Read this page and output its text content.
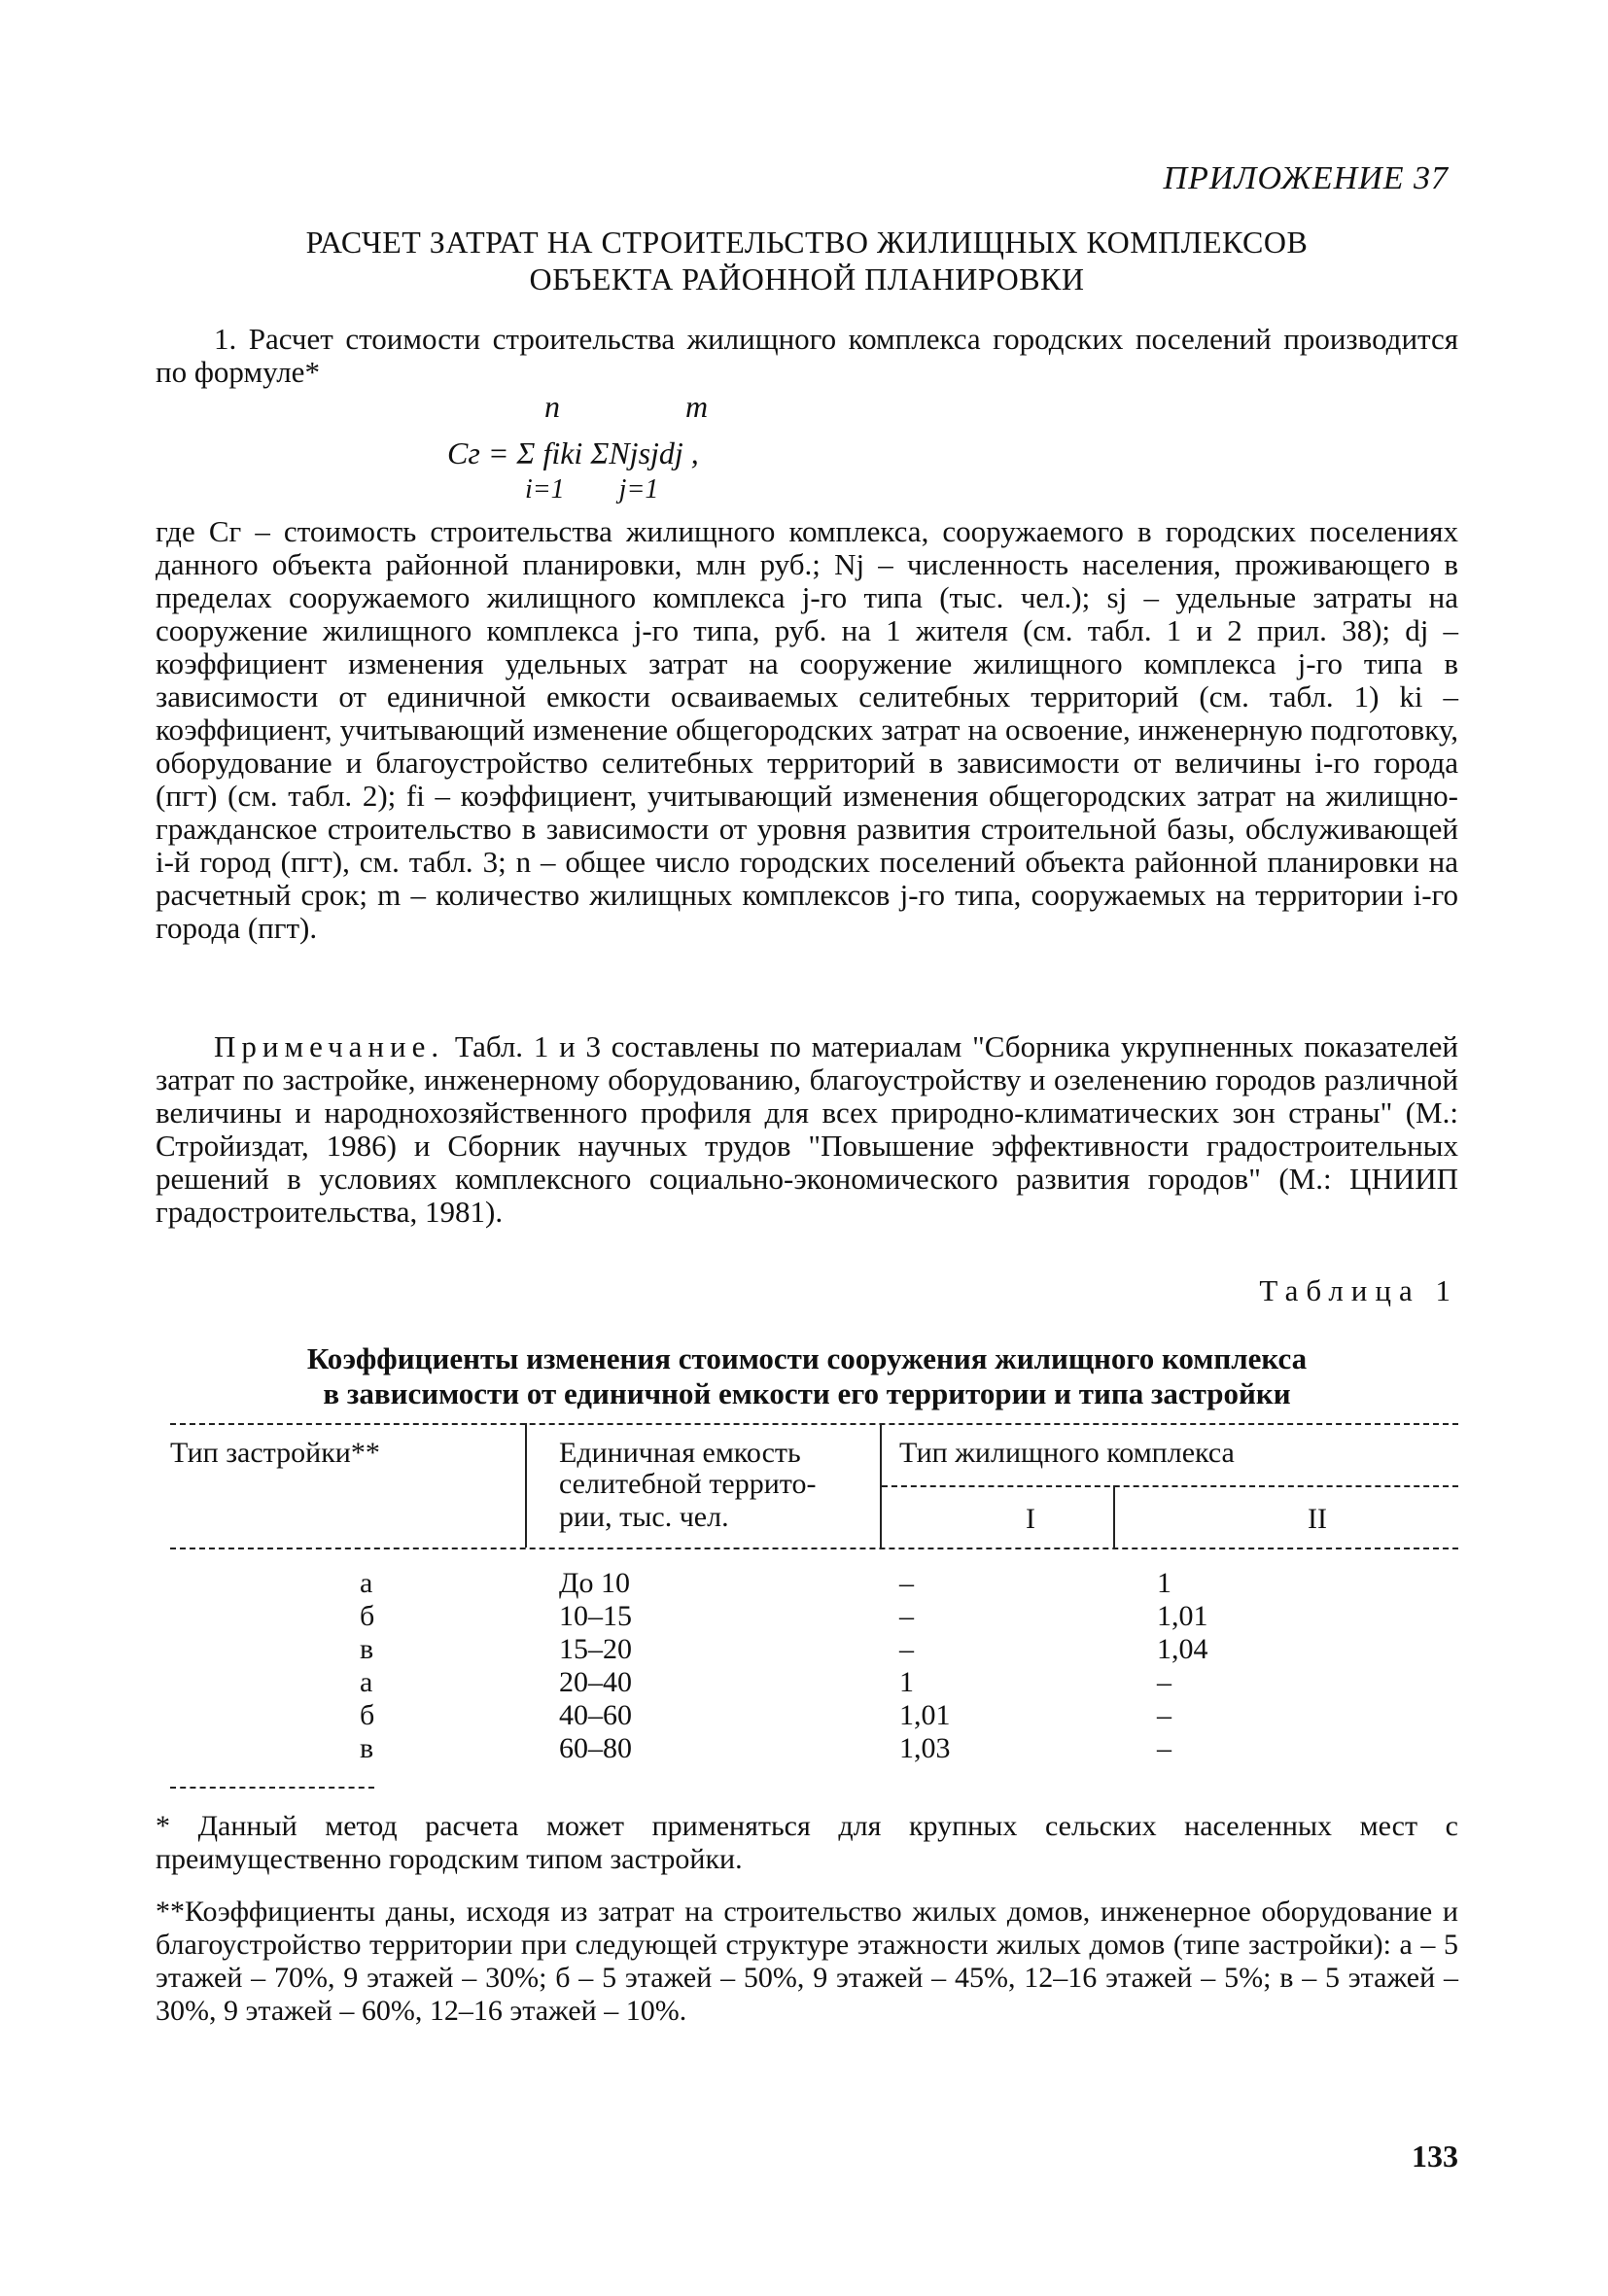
ПРИЛОЖЕНИЕ 37
РАСЧЕТ ЗАТРАТ НА СТРОИТЕЛЬСТВО ЖИЛИЩНЫХ КОМПЛЕКСОВ
ОБЪЕКТА РАЙОННОЙ ПЛАНИРОВКИ
1. Расчет стоимости строительства жилищного комплекса городских поселений производится по формуле*
n	m
Cг = Σ fiki ΣNjsjdj ,
i=1        j=1
где Cг – стоимость строительства жилищного комплекса, сооружаемого в городских поселениях данного объекта районной планировки, млн руб.; Nj – численность населения, проживающего в пределах сооружаемого жилищного комплекса j-го типа (тыс. чел.); sj – удельные затраты на сооружение жилищного комплекса j-го типа, руб. на 1 жителя (см. табл. 1 и 2 прил. 38); dj – коэффициент изменения удельных затрат на сооружение жилищного комплекса j-го типа в зависимости от единичной емкости осваиваемых селитебных территорий (см. табл. 1) ki – коэффициент, учитывающий изменение общегородских затрат на освоение, инженерную подготовку, оборудование и благоустройство селитебных территорий в зависимости от величины i-го города (пгт) (см. табл. 2); fi – коэффициент, учитывающий изменения общегородских затрат на жилищно-гражданское строительство в зависимости от уровня развития строительной базы, обслуживающей i-й город (пгт), см. табл. 3; n – общее число городских поселений объекта районной планировки на расчетный срок; m – количество жилищных комплексов j-го типа, сооружаемых на территории i-го города (пгт).
Примечание. Табл. 1 и 3 составлены по материалам "Сборника укрупненных показателей затрат по застройке, инженерному оборудованию, благоустройству и озеленению городов различной величины и народнохозяйственного профиля для всех природно-климатических зон страны" (М.: Стройиздат, 1986) и Сборник научных трудов "Повышение эффективности градостроительных решений в условиях комплексного социально-экономического развития городов" (М.: ЦНИИП градостроительства, 1981).
Таблица 1
Коэффициенты изменения стоимости сооружения жилищного комплекса
в зависимости от единичной емкости его территории и типа застройки
Тип застройки**	Единичная емкость
селитебной террито-
рии, тыс. чел.
Тип жилищного комплекса
I	II
а	До 10	–	1
б	10–15	–	1,01
в	15–20	–	1,04
а	20–40	1	–
б	40–60	1,01	–
в	60–80	1,03	–
* Данный метод расчета может применяться для крупных сельских населенных мест с преимущественно городским типом застройки.
**Коэффициенты даны, исходя из затрат на строительство жилых домов, инженерное оборудование и благоустройство территории при следующей структуре этажности жилых домов (типе застройки): а – 5 этажей – 70%, 9 этажей – 30%; б – 5 этажей – 50%, 9 этажей – 45%, 12–16 этажей – 5%; в – 5 этажей – 30%, 9 этажей – 60%, 12–16 этажей – 10%.
133
